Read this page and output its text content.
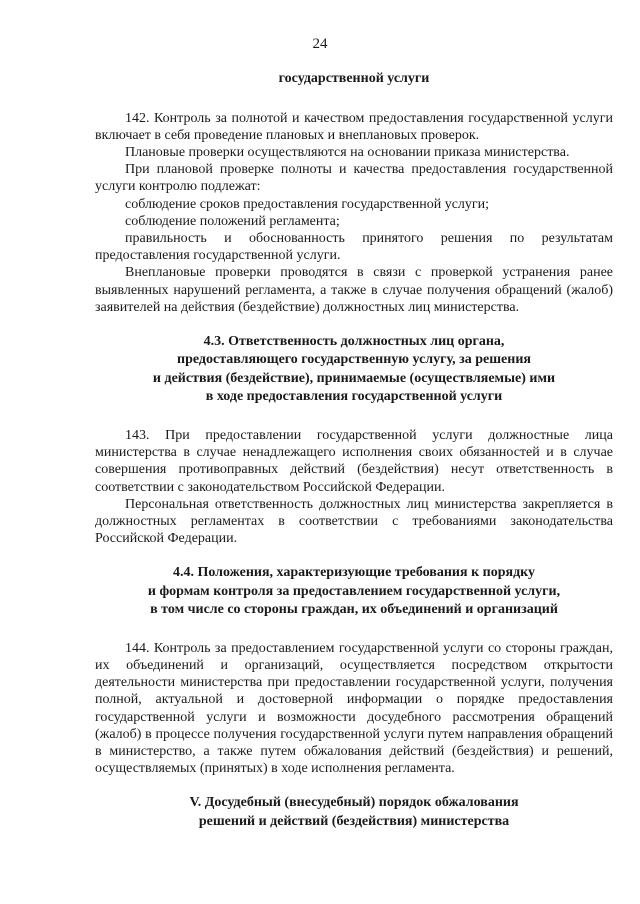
24
государственной услуги

142. Контроль за полнотой и качеством предоставления государственной услуги включает в себя проведение плановых и внеплановых проверок.

Плановые проверки осуществляются на основании приказа министерства.

При плановой проверке полноты и качества предоставления государственной услуги контролю подлежат:

соблюдение сроков предоставления государственной услуги;

соблюдение положений регламента;

правильность и обоснованность принятого решения по результатам предоставления государственной услуги.

Внеплановые проверки проводятся в связи с проверкой устранения ранее выявленных нарушений регламента, а также в случае получения обращений (жалоб) заявителей на действия (бездействие) должностных лиц министерства.

4.3. Ответственность должностных лиц органа,
предоставляющего государственную услугу, за решения
и действия (бездействие), принимаемые (осуществляемые) ими
в ходе предоставления государственной услуги

143. При предоставлении государственной услуги должностные лица министерства в случае ненадлежащего исполнения своих обязанностей и в случае совершения противоправных действий (бездействия) несут ответственность в соответствии с законодательством Российской Федерации.

Персональная ответственность должностных лиц министерства закрепляется в должностных регламентах в соответствии с требованиями законодательства Российской Федерации.

4.4. Положения, характеризующие требования к порядку
и формам контроля за предоставлением государственной услуги,
в том числе со стороны граждан, их объединений и организаций

144. Контроль за предоставлением государственной услуги со стороны граждан, их объединений и организаций, осуществляется посредством открытости деятельности министерства при предоставлении государственной услуги, получения полной, актуальной и достоверной информации о порядке предоставления государственной услуги и возможности досудебного рассмотрения обращений (жалоб) в процессе получения государственной услуги путем направления обращений в министерство, а также путем обжалования действий (бездействия) и решений, осуществляемых (принятых) в ходе исполнения регламента.

V. Досудебный (внесудебный) порядок обжалования
решений и действий (бездействия) министерства
